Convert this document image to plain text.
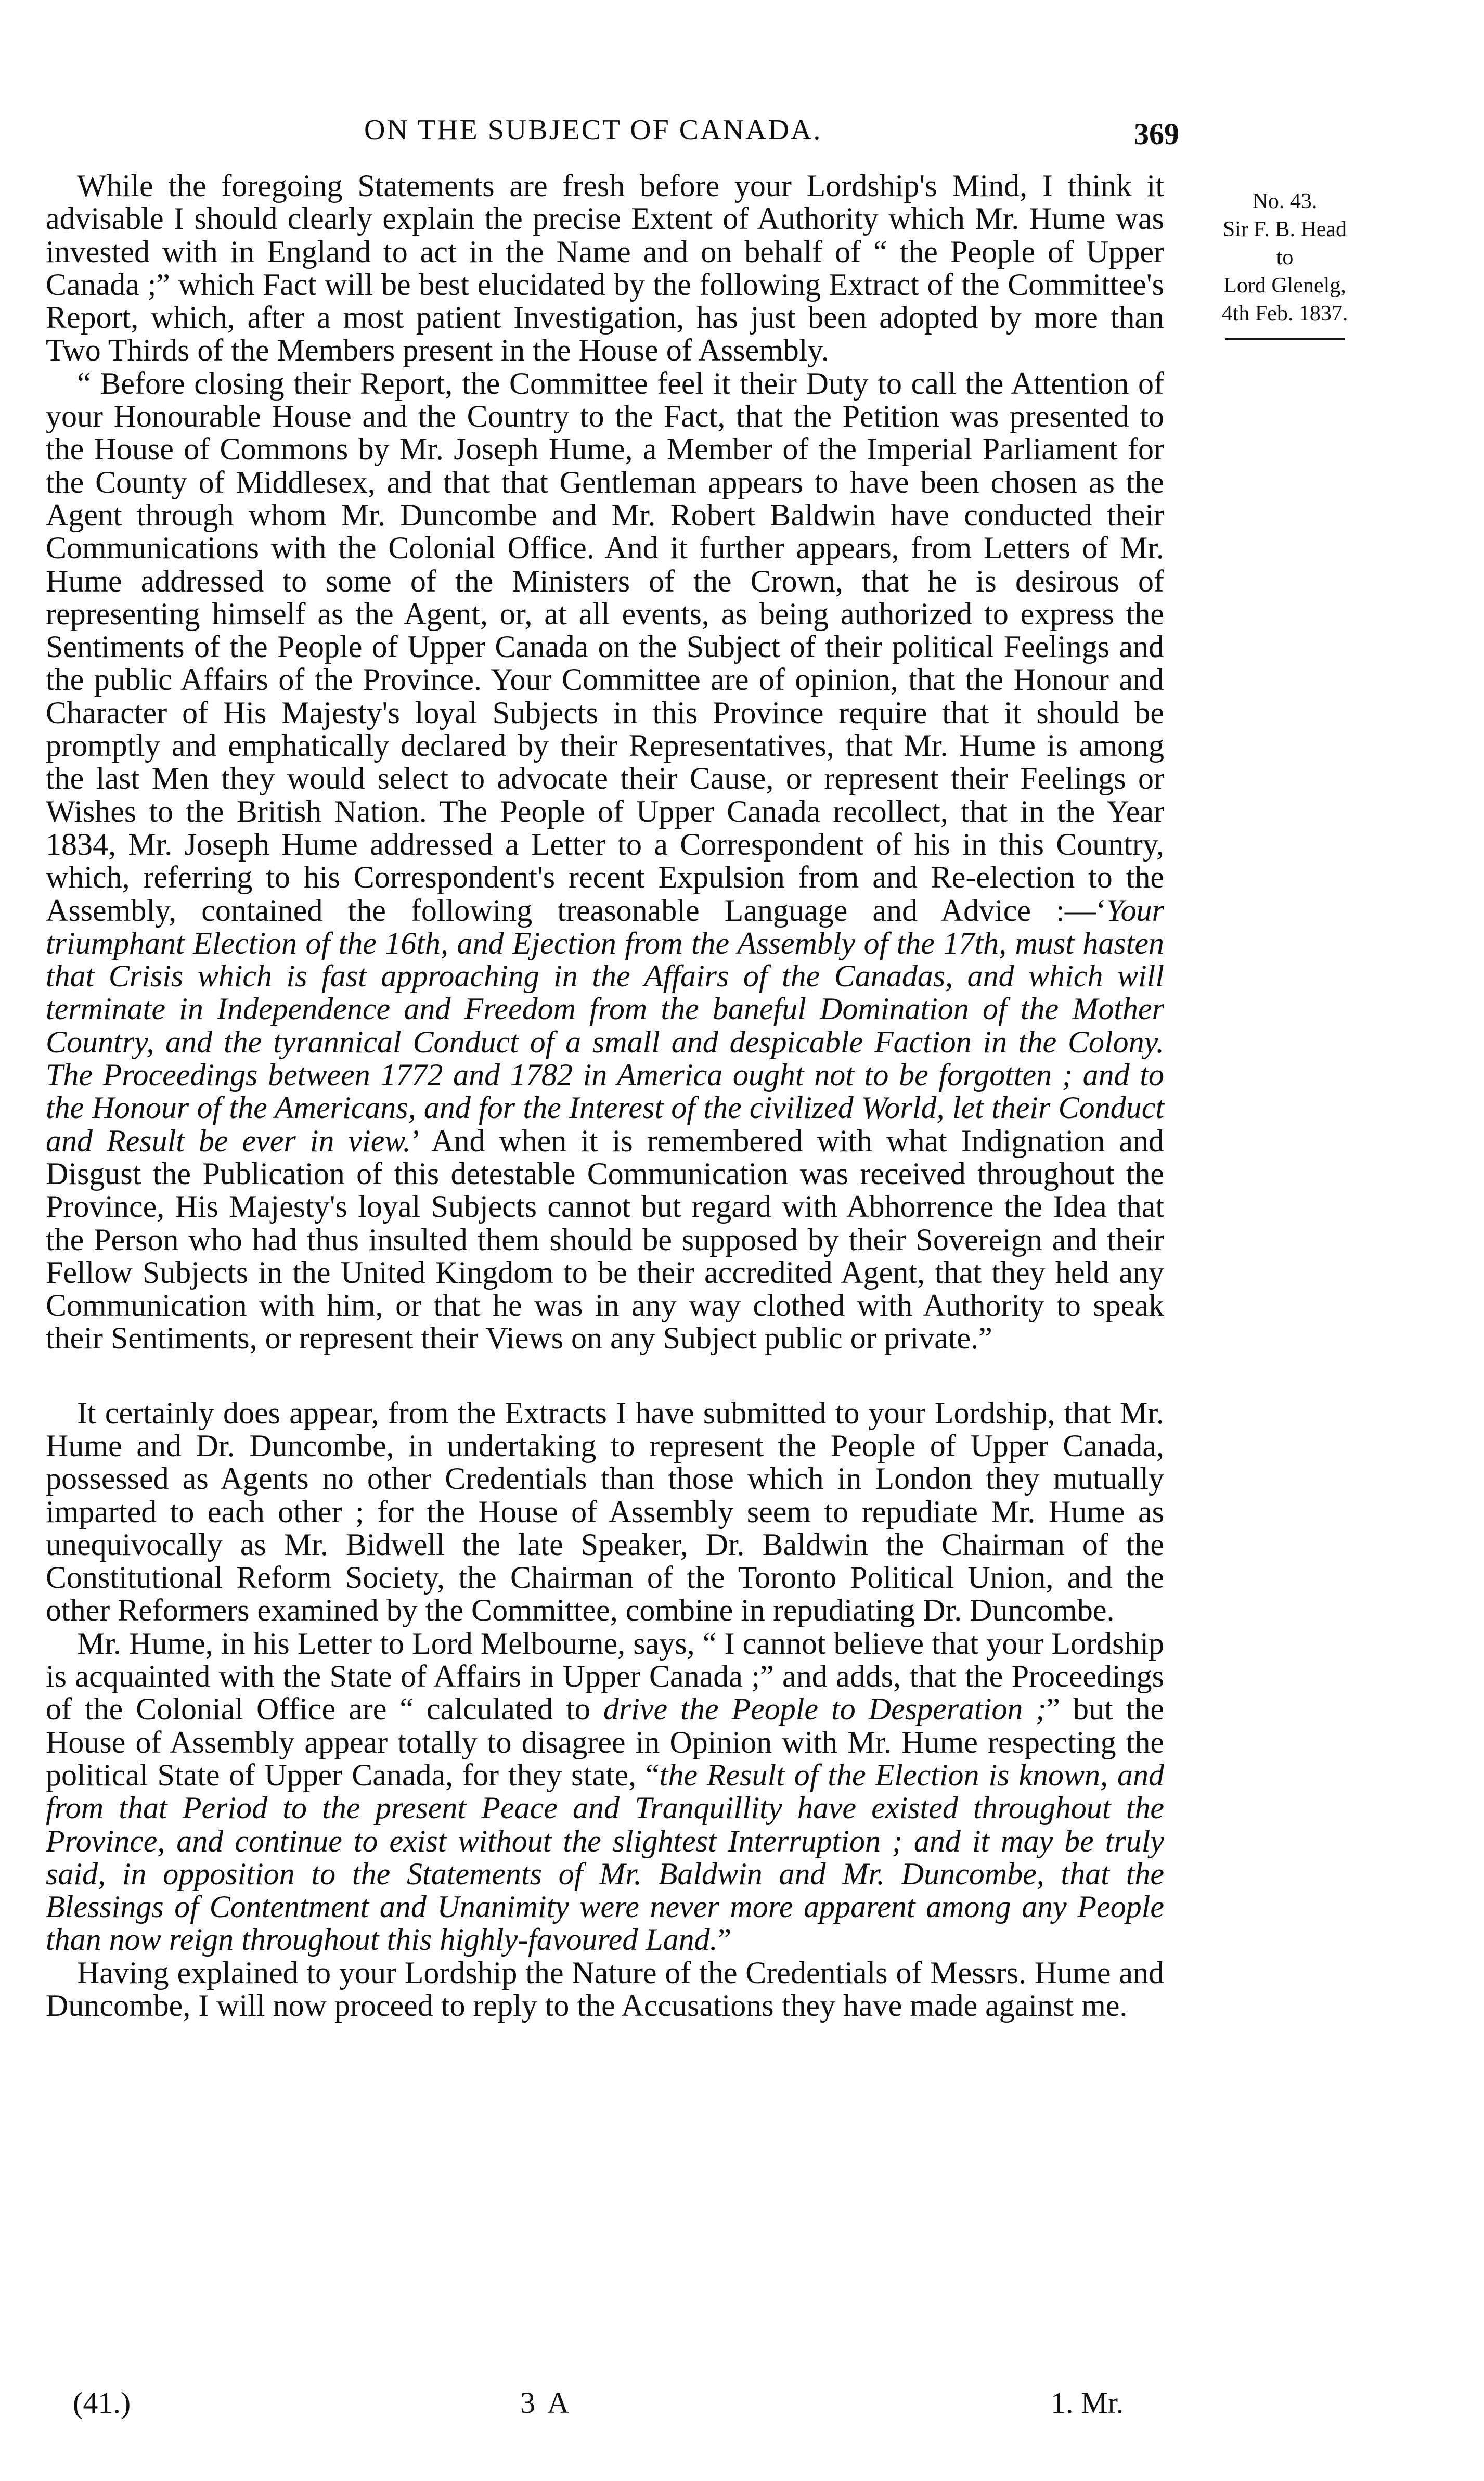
ON THE SUBJECT OF CANADA.	369
No. 43.
Sir F. B. Head
to
Lord Glenelg,
4th Feb. 1837.

While the foregoing Statements are fresh before your Lordship's Mind, I think it advisable I should clearly explain the precise Extent of Authority which Mr. Hume was invested with in England to act in the Name and on behalf of “ the People of Upper Canada ;” which Fact will be best elucidated by the following Extract of the Committee's Report, which, after a most patient Investigation, has just been adopted by more than Two Thirds of the Members present in the House of Assembly.

“ Before closing their Report, the Committee feel it their Duty to call the Attention of your Honourable House and the Country to the Fact, that the Petition was presented to the House of Commons by Mr. Joseph Hume, a Member of the Imperial Parliament for the County of Middlesex, and that that Gentleman appears to have been chosen as the Agent through whom Mr. Duncombe and Mr. Robert Baldwin have conducted their Communications with the Colonial Office. And it further appears, from Letters of Mr. Hume addressed to some of the Ministers of the Crown, that he is desirous of representing himself as the Agent, or, at all events, as being authorized to express the Sentiments of the People of Upper Canada on the Subject of their political Feelings and the public Affairs of the Province. Your Committee are of opinion, that the Honour and Character of His Majesty's loyal Subjects in this Province require that it should be promptly and emphatically declared by their Representatives, that Mr. Hume is among the last Men they would select to advocate their Cause, or represent their Feelings or Wishes to the British Nation. The People of Upper Canada recollect, that in the Year 1834, Mr. Joseph Hume addressed a Letter to a Correspondent of his in this Country, which, referring to his Correspondent's recent Expulsion from and Re-election to the Assembly, contained the following treasonable Language and Advice :—‘Your triumphant Election of the 16th, and Ejection from the Assembly of the 17th, must hasten that Crisis which is fast approaching in the Affairs of the Canadas, and which will terminate in Independence and Freedom from the baneful Domination of the Mother Country, and the tyrannical Conduct of a small and despicable Faction in the Colony. The Proceedings between 1772 and 1782 in America ought not to be forgotten ; and to the Honour of the Americans, and for the Interest of the civilized World, let their Conduct and Result be ever in view.’ And when it is remembered with what Indignation and Disgust the Publication of this detestable Communication was received throughout the Province, His Majesty's loyal Subjects cannot but regard with Abhorrence the Idea that the Person who had thus insulted them should be supposed by their Sovereign and their Fellow Subjects in the United Kingdom to be their accredited Agent, that they held any Communication with him, or that he was in any way clothed with Authority to speak their Sentiments, or represent their Views on any Subject public or private.”

It certainly does appear, from the Extracts I have submitted to your Lordship, that Mr. Hume and Dr. Duncombe, in undertaking to represent the People of Upper Canada, possessed as Agents no other Credentials than those which in London they mutually imparted to each other ; for the House of Assembly seem to repudiate Mr. Hume as unequivocally as Mr. Bidwell the late Speaker, Dr. Baldwin the Chairman of the Constitutional Reform Society, the Chairman of the Toronto Political Union, and the other Reformers examined by the Committee, combine in repudiating Dr. Duncombe.

Mr. Hume, in his Letter to Lord Melbourne, says, “ I cannot believe that your Lordship is acquainted with the State of Affairs in Upper Canada ;” and adds, that the Proceedings of the Colonial Office are “ calculated to drive the People to Desperation ;” but the House of Assembly appear totally to disagree in Opinion with Mr. Hume respecting the political State of Upper Canada, for they state, “the Result of the Election is known, and from that Period to the present Peace and Tranquillity have existed throughout the Province, and continue to exist without the slightest Interruption ; and it may be truly said, in opposition to the Statements of Mr. Baldwin and Mr. Duncombe, that the Blessings of Contentment and Unanimity were never more apparent among any People than now reign throughout this highly-favoured Land.”

Having explained to your Lordship the Nature of the Credentials of Messrs. Hume and Duncombe, I will now proceed to reply to the Accusations they have made against me.

(41.)	3 A	1. Mr.
